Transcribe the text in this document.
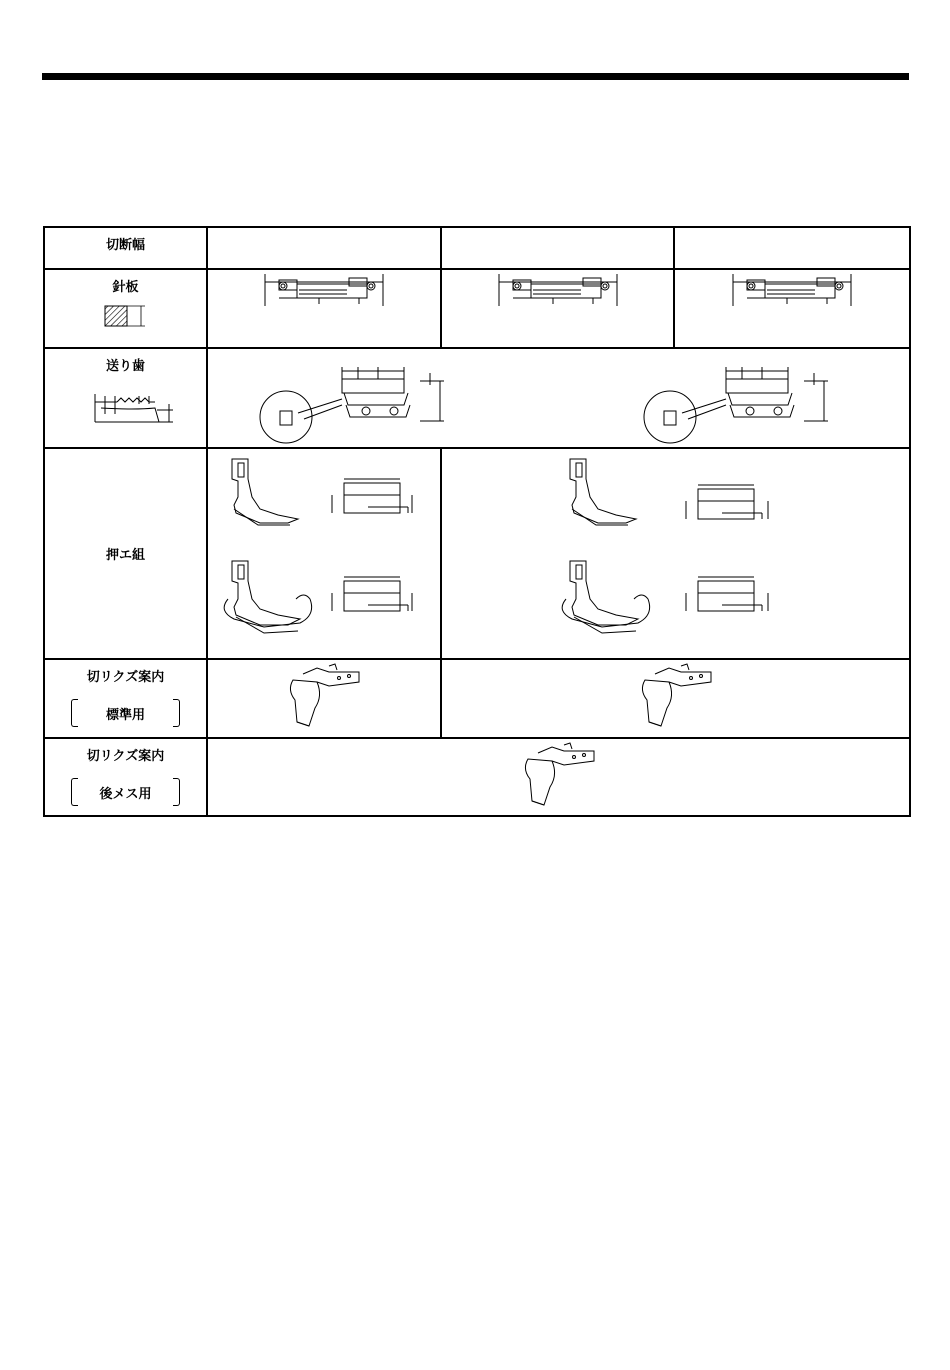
切断幅			

針板

送り歯

押エ組	

切リクズ案内
標準用

切リクズ案内
後メス用
